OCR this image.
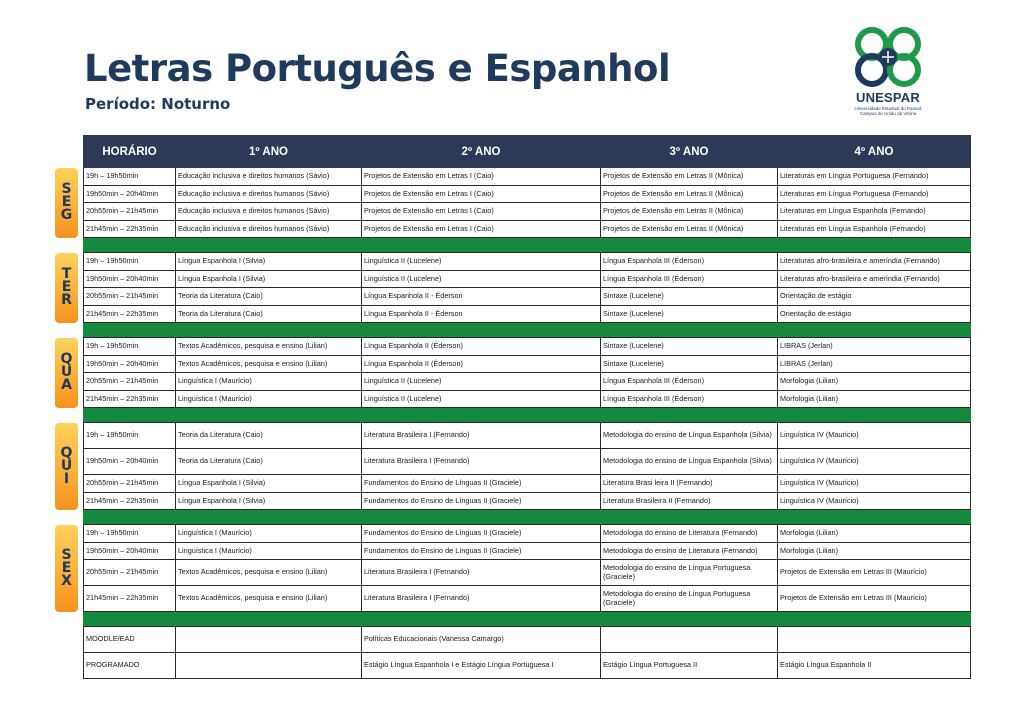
Letras Português e Espanhol
Período: Noturno	UNESPAR
Universidade Estadual do Paraná
Campus de União da Vitória
HORÁRIO	1º ANO	2º ANO	3º ANO	4º ANO
19h – 19h50min	Educação inclusiva e direitos humanos (Sávio)	Projetos de Extensão em Letras I (Caio)	Projetos de Extensão em Letras II (Mônica)	Literaturas em Língua Portuguesa (Fernando)
19h50min – 20h40min	Educação inclusiva e direitos humanos (Sávio)	Projetos de Extensão em Letras I (Caio)	Projetos de Extensão em Letras II (Mônica)	Literaturas em Língua Portuguesa (Fernando)
20h55min – 21h45min	Educação inclusiva e direitos humanos (Sávio)	Projetos de Extensão em Letras I (Caio)	Projetos de Extensão em Letras II (Mônica)	Literaturas em Língua Espanhola (Fernando)
21h45min – 22h35min	Educação inclusiva e direitos humanos (Sávio)	Projetos de Extensão em Letras I (Caio)	Projetos de Extensão em Letras II (Mônica)	Literaturas em Língua Espanhola (Fernando)

19h – 19h50min	Língua Espanhola I (Silvia)	Linguística II (Lucelene)	Língua Espanhola III (Éderson)	Literaturas afro-brasileira e ameríndia (Fernando)
19h50min – 20h40min	Língua Espanhola I (Silvia)	Linguística II (Lucelene)	Língua Espanhola III (Éderson)	Literaturas afro-brasileira e ameríndia (Fernando)
20h55min – 21h45min	Teoria da Literatura (Caio)	Língua Espanhola II - Éderson	Sintaxe (Lucelene)	Orientação de estágio
21h45min – 22h35min	Teoria da Literatura (Caio)	Língua Espanhola II - Éderson	Sintaxe (Lucelene)	Orientação de estágio

19h – 19h50min	Textos Acadêmicos, pesquisa e ensino (Lilian)	Língua Espanhola II (Éderson)	Sintaxe (Lucelene)	LIBRAS (Jerlan)
19h50min – 20h40min	Textos Acadêmicos, pesquisa e ensino (Lilian)	Língua Espanhola II (Éderson)	Sintaxe (Lucelene)	LIBRAS (Jerlan)
20h55min – 21h45min	Linguística I (Maurício)	Linguística II (Lucelene)	Língua Espanhola III (Éderson)	Morfologia (Lilian)
21h45min – 22h35min	Linguística I (Maurício)	Linguística II (Lucelene)	Língua Espanhola III (Éderson)	Morfologia (Lilian)

19h – 19h50min	Teoria da Literatura (Caio)	Literatura Brasileira I (Fernando)	Metodologia do ensino de Língua Espanhola (Silvia)	Linguística IV (Maurício)
19h50min – 20h40min	Teoria da Literatura (Caio)	Literatura Brasileira I (Fernando)	Metodologia do ensino de Língua Espanhola (Silvia)	Linguística IV (Maurício)
20h55min – 21h45min	Língua Espanhola I (Silvia)	Fundamentos do Ensino de Línguas II (Graciele)	Literatura Brasi leira II (Fernando)	Linguística IV (Maurício)
21h45min – 22h35min	Língua Espanhola I (Silvia)	Fundamentos do Ensino de Línguas II (Graciele)	Literatura Brasileira II (Fernando)	Linguística IV (Maurício)

19h – 19h50min	Linguística I (Maurício)	Fundamentos do Ensino de Línguas II (Graciele)	Metodologia do ensino de Literatura (Fernando)	Morfologia (Lilian)
19h50min – 20h40min	Linguística I (Maurício)	Fundamentos do Ensino de Línguas II (Graciele)	Metodologia do ensino de Literatura (Fernando)	Morfologia (Lilian)
20h55min – 21h45min	Textos Acadêmicos, pesquisa e ensino (Lilian)	Literatura Brasileira I (Fernando)	Metodologia do ensino de Língua Portuguesa (Graciele)	Projetos de Extensão em Letras III (Maurício)
21h45min – 22h35min	Textos Acadêmicos, pesquisa e ensino (Lilian)	Literatura Brasileira I (Fernando)	Metodologia do ensino de Língua Portuguesa (Graciele)	Projetos de Extensão em Letras III (Maurício)

MOODLE/EAD		Políticas Educacionais (Vanessa Camargo)		
PROGRAMADO		Estágio Língua Espanhola I e Estágio Língua Portuguesa I	Estágio Língua Portuguesa II	Estágio Língua Espanhola II
S
E
G
T
E
R
Q
U
A
Q
U
I
S
E
X
